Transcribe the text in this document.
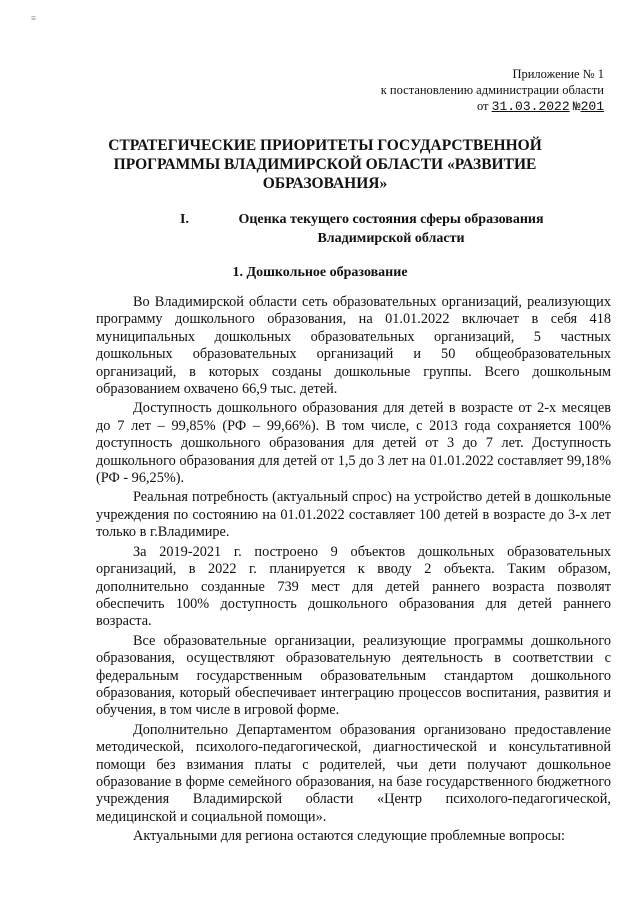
≡
Приложение № 1
к постановлению администрации области
от 31.03.2022 №201
СТРАТЕГИЧЕСКИЕ ПРИОРИТЕТЫ ГОСУДАРСТВЕННОЙ ПРОГРАММЫ ВЛАДИМИРСКОЙ ОБЛАСТИ «РАЗВИТИЕ ОБРАЗОВАНИЯ»
I.	Оценка текущего состояния сферы образования Владимирской области
1. Дошкольное образование

Во Владимирской области сеть образовательных организаций, реализующих программу дошкольного образования, на 01.01.2022 включает в себя 418 муниципальных дошкольных образовательных организаций, 5 частных дошкольных образовательных организаций и 50 общеобразовательных организаций, в которых созданы дошкольные группы. Всего дошкольным образованием охвачено 66,9 тыс. детей.

Доступность дошкольного образования для детей в возрасте от 2-х месяцев до 7 лет – 99,85% (РФ – 99,66%). В том числе, с 2013 года сохраняется 100% доступность дошкольного образования для детей от 3 до 7 лет. Доступность дошкольного образования для детей от 1,5 до 3 лет на 01.01.2022 составляет 99,18% (РФ - 96,25%).

Реальная потребность (актуальный спрос) на устройство детей в дошкольные учреждения по состоянию на 01.01.2022 составляет 100 детей в возрасте до 3-х лет только в г.Владимире.

За 2019-2021 г. построено 9 объектов дошкольных образовательных организаций, в 2022 г. планируется к вводу 2 объекта. Таким образом, дополнительно созданные 739 мест для детей раннего возраста позволят обеспечить 100% доступность дошкольного образования для детей раннего возраста.

Все образовательные организации, реализующие программы дошкольного образования, осуществляют образовательную деятельность в соответствии с федеральным государственным образовательным стандартом дошкольного образования, который обеспечивает интеграцию процессов воспитания, развития и обучения, в том числе в игровой форме.

Дополнительно Департаментом образования организовано предоставление методической, психолого-педагогической, диагностической и консультативной помощи без взимания платы с родителей, чьи дети получают дошкольное образование в форме семейного образования, на базе государственного бюджетного учреждения Владимирской области «Центр психолого-педагогической, медицинской и социальной помощи».

Актуальными для региона остаются следующие проблемные вопросы:
